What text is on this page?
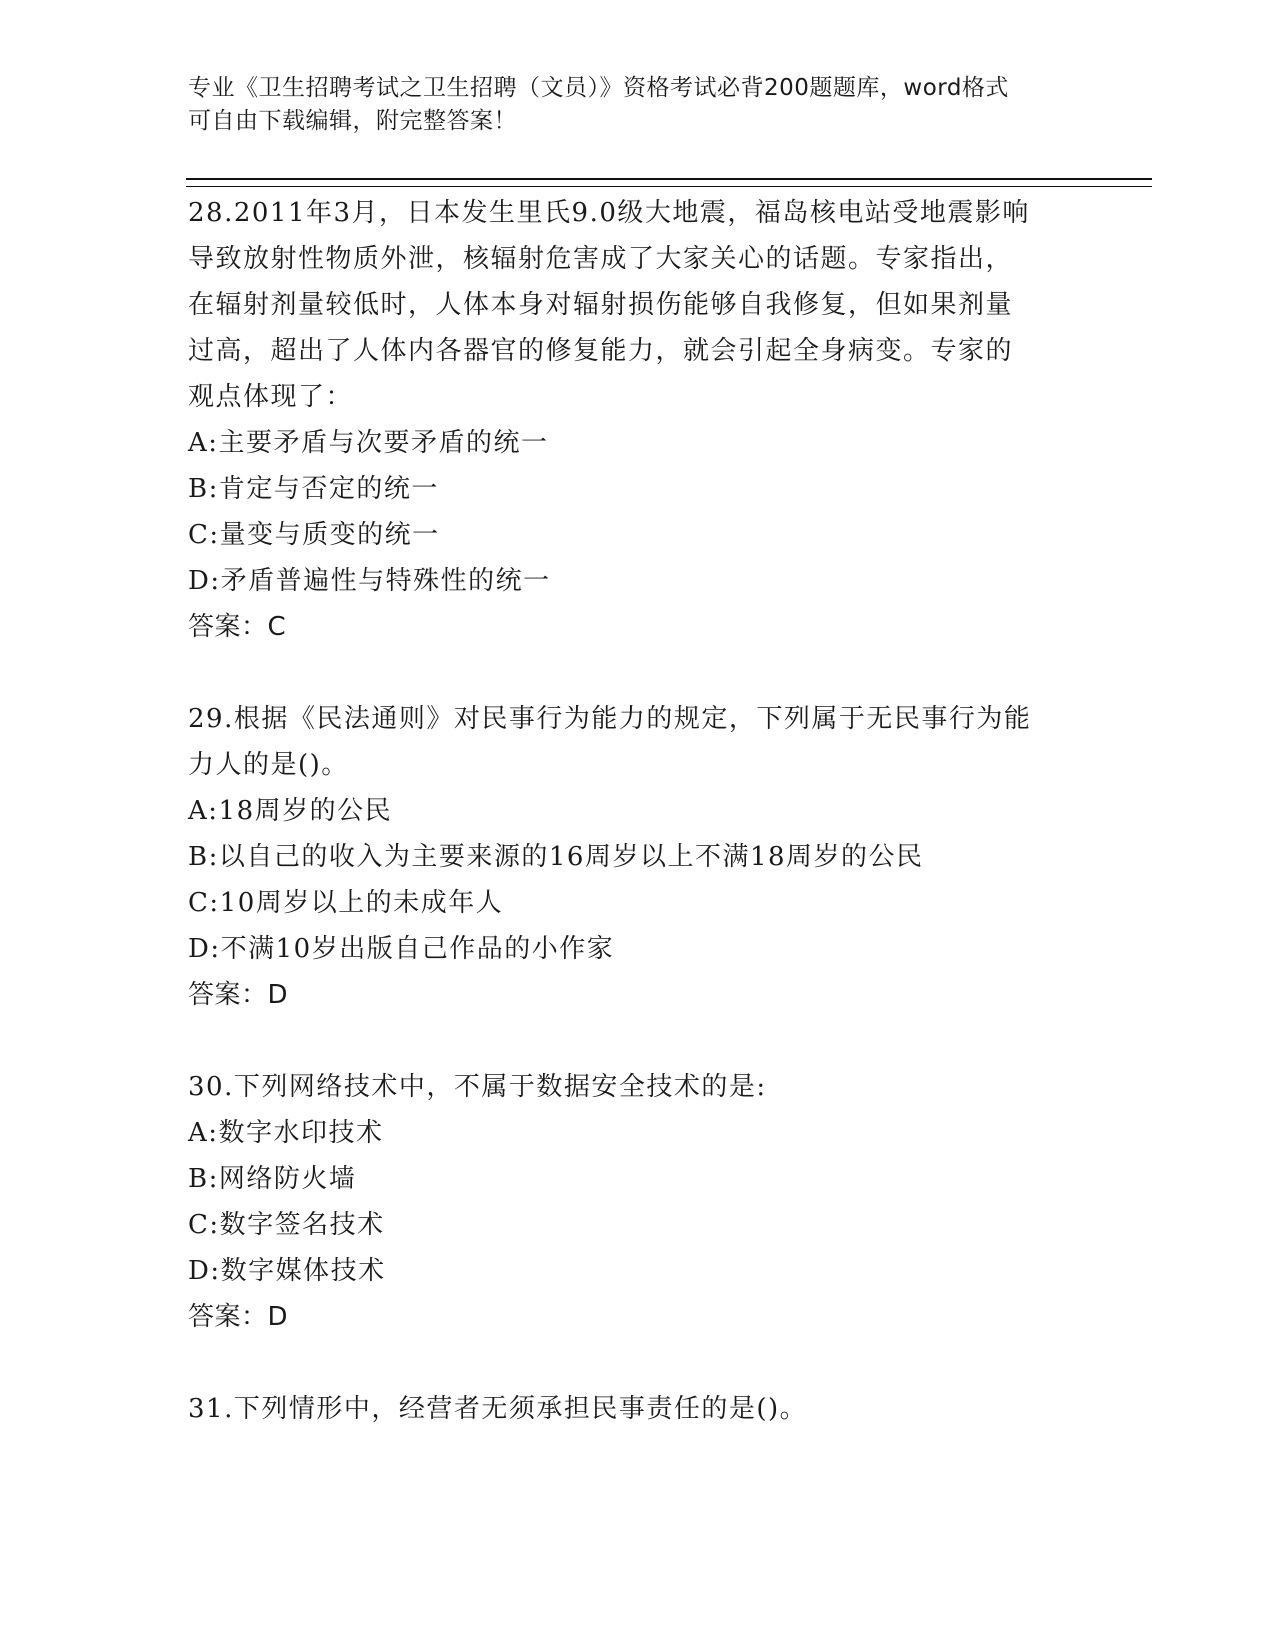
专业《卫生招聘考试之卫生招聘（文员）》资格考试必背200题题库，word格式
可自由下载编辑，附完整答案！
28.2011年3月，日本发生里氏9.0级大地震，福岛核电站受地震影响
导致放射性物质外泄，核辐射危害成了大家关心的话题。专家指出，
在辐射剂量较低时，人体本身对辐射损伤能够自我修复，但如果剂量
过高，超出了人体内各器官的修复能力，就会引起全身病变。专家的
观点体现了：
A:主要矛盾与次要矛盾的统一
B:肯定与否定的统一
C:量变与质变的统一
D:矛盾普遍性与特殊性的统一
答案：C
29.根据《民法通则》对民事行为能力的规定，下列属于无民事行为能
力人的是()。
A:18周岁的公民
B:以自己的收入为主要来源的16周岁以上不满18周岁的公民
C:10周岁以上的未成年人
D:不满10岁出版自己作品的小作家
答案：D
30.下列网络技术中，不属于数据安全技术的是:
A:数字水印技术
B:网络防火墙
C:数字签名技术
D:数字媒体技术
答案：D
31.下列情形中，经营者无须承担民事责任的是()。
